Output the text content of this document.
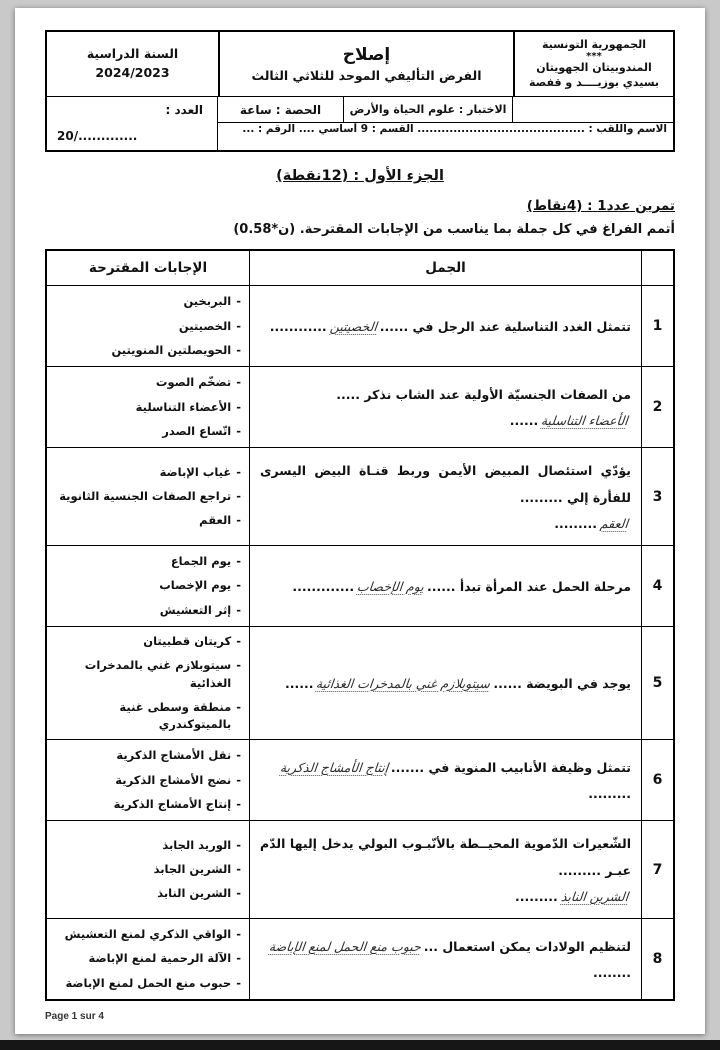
الجمهورية التونسية
***
المندوبيتان الجهويتان
بسيدي بوزيــــد و قفصة
إصلاح
الفرض التأليفي الموحد للثلاثي الثالث
السنة الدراسية
2024/2023
الاختبار : علوم الحياة والأرض
الحصة : ساعة
العدد :
الاسم واللقب : .......................................... القسم : 9 أساسي .... الرقم : ...
20/.............
الجزء الأول : (12نقطة)
تمرين عدد1 : (4نقاط)
أتمم الفراغ في كل جملة بما يناسب من الإجابات المقترحة. (0.5ن*8)
الجمل
الإجابات المقترحة
1
تتمثل الغدد التناسلية عند الرجل في ......
الخصيتين
............
-
البربخين
-
الخصيتين
-
الحويصلتين المنويتين
2
من الصفات الجنسيّة الأولية عند الشاب نذكر .....
الأعضاء التناسلية
......
-
تضخّم الصوت
-
الأعضاء التناسلية
-
اتّساع الصدر
3
يؤدّي استئصال المبيض الأيمن وربط قنـاة البيض اليسرى للفأرة إلي .........
العقم
.........
-
غياب الإباضة
-
تراجع الصفات الجنسية الثانوية
-
العقم
4
مرحلة الحمل عند المرأة تبدأ ......
يوم الإخصاب
.............
-
يوم الجماع
-
يوم الإخصاب
-
إثر التعشيش
5
يوجد في البويضة ......
سيتوبلازم غني بالمدخرات الغذائية
......
-
كريتان قطبيتان
-
سيتوبلازم غني بالمدخرات الغذائية
-
منطقة وسطى غنية بالميتوكندري
6
تتمثل وظيفة الأنابيب المنوية في .......
إنتاج الأمشاج الذكرية
.........
-
نقل الأمشاج الذكرية
-
نضج الأمشاج الذكرية
-
إنتاج الأمشاج الذكرية
7
الشّعيرات الدّموية المحيــطة بالأنّبـوب البولي يدخل إليها الدّم عبـر .........
الشرين النابذ
.........
-
الوريد الجابذ
-
الشرين الجابذ
-
الشرين النابذ
8
لتنظيم الولادات يمكن استعمال ...
حبوب منع الحمل لمنع الإباضة
........
-
الواقي الذكري لمنع التعشيش
-
الآلة الرحمية لمنع الإباضة
-
حبوب منع الحمل لمنع الإباضة
Page 1 sur 4
